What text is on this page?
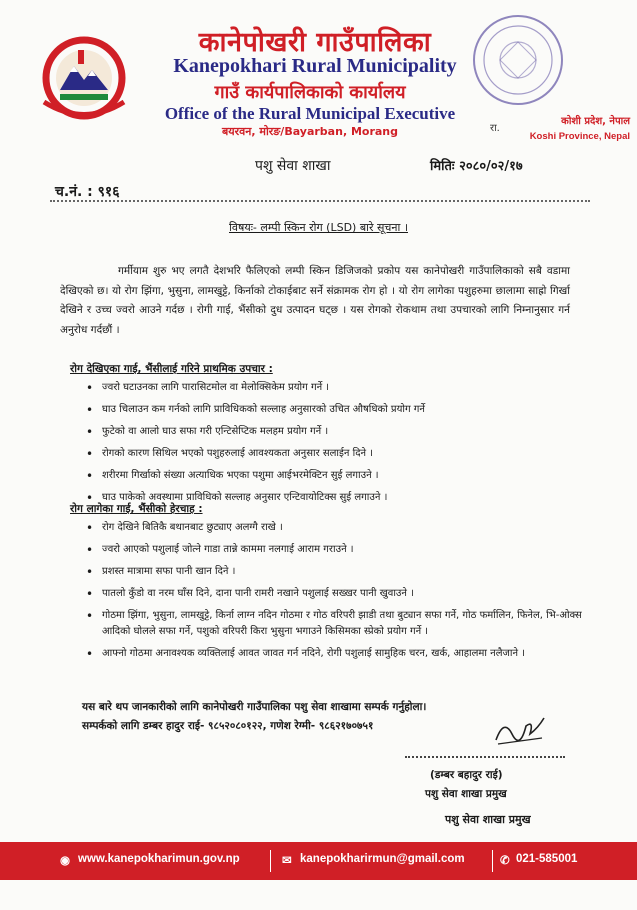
कानेपोखरी गाउँपालिका
Kanepokhari Rural Municipality
गाउँ कार्यपालिकाको कार्यालय
Office of the Rural Municipal Executive
बयरवन, मोरङ/Bayarban, Morang	रा.
कोशी प्रदेश, नेपाल
Koshi Province, Nepal
पशु सेवा शाखा	मितिः २०८०/०२/१७
च.नं. : ९१६
विषयः- लम्पी स्किन रोग (LSD) बारे सूचना ।
गर्मीयाम शुरु भए लगतै देशभरि फैलिएको लम्पी स्किन डिजिजको प्रकोप यस कानेपोखरी गाउँपालिकाको सबै वडामा देखिएको छ। यो रोग झिंगा, भुसुना, लामखुट्टे, किर्नाको टोकाईबाट सर्ने संक्रामक रोग हो । यो रोग लागेका पशुहरुमा छालामा साह्रो गिर्खा देखिने र उच्च ज्वरो आउने गर्दछ । रोगी गाई, भैंसीको दुध उत्पादन घट्छ । यस रोगको रोकथाम तथा उपचारको लागि निम्नानुसार गर्न अनुरोध गर्दछौं ।
रोग देखिएका गाई, भैंसीलाई गरिने प्राथमिक उपचार :
• ज्वरो घटाउनका लागि पारासिटमोल वा मेलोक्सिकेम प्रयोग गर्ने ।
• घाउ चिलाउन कम गर्नको लागि प्राविधिकको सल्लाह अनुसारको उचित औषधिको प्रयोग गर्ने
• फुटेको वा आलो घाउ सफा गरी एन्टिसेप्टिक मलहम प्रयोग गर्ने ।
• रोगको कारण सिथिल भएको पशुहरुलाई आवश्यकता अनुसार सलाईन दिने ।
• शरीरमा गिर्खाको संख्या अत्याधिक भएका पशुमा आईभरमेक्टिन सुई लगाउने ।
• घाउ पाकेको अवस्थामा प्राविधिको सल्लाह अनुसार एन्टिवायोटिक्स सुई लगाउने ।
रोग लागेका गाई, भैंसीको हेरचाह :
• रोग देखिने बितिकै बथानबाट छुट्याए अलग्गै राखे ।
• ज्वरो आएको पशुलाई जोत्ने गाडा तान्ने काममा नलगाई आराम गराउने ।
• प्रशस्त मात्रामा सफा पानी खान दिने ।
• पातलो कुँडो वा नरम घाँस दिने, दाना पानी रामरी नखाने पशुलाई सख्खर पानी खुवाउने ।
• गोठमा झिंगा, भुसुना, लामखुट्टे, किर्ना लाग्न नदिन गोठमा र गोठ वरिपरी झाडी तथा बुट्यान सफा गर्ने, गोठ फर्मालिन, फिनेल, भि-ओक्स आदिको घोलले सफा गर्ने, पशुको वरिपरी किरा भुसुना भगाउने किसिमका स्प्रेको प्रयोग गर्ने ।
• आफ्नो गोठमा अनावश्यक व्यक्तिलाई आवत जावत गर्न नदिने, रोगी पशुलाई सामुहिक चरन, खर्क, आहालमा नलैजाने ।
यस बारे थप जानकारीको लागि कानेपोखरी गाउँपालिका पशु सेवा शाखामा सम्पर्क गर्नुहोला।
सम्पर्कको लागि डम्बर हादुर राई- ९८५२०८०१२२, गणेश रेग्मी- ९८६२१७०७५१
(डम्बर बहादुर राई)
पशु सेवा शाखा प्रमुख
पशु सेवा शाखा प्रमुख
◉ www.kanepokharimun.gov.np	✉ kanepokharirmun@gmail.com	✆ 021-585001
